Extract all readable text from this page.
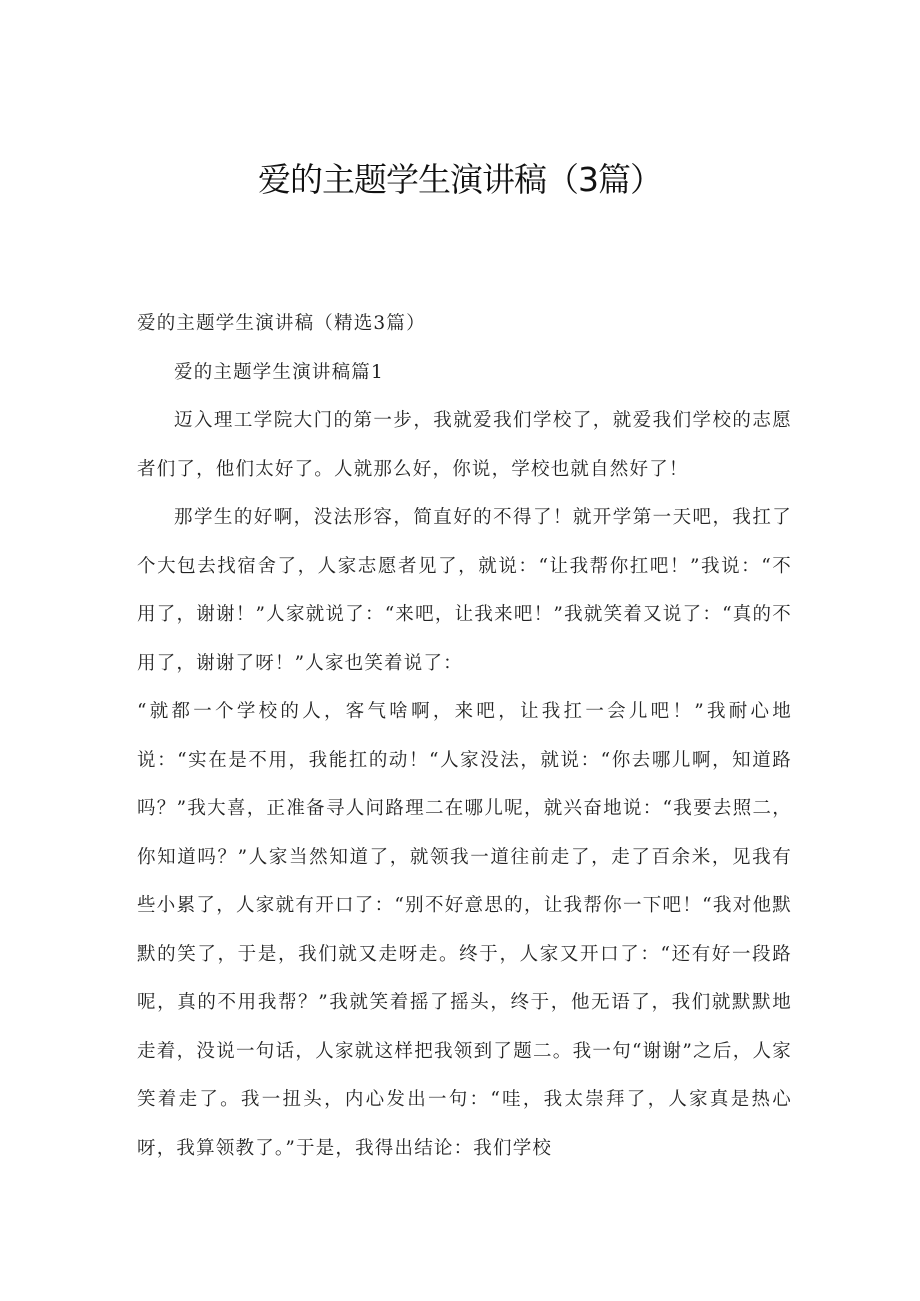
爱的主题学生演讲稿（3篇）

爱的主题学生演讲稿（精选3篇）

爱的主题学生演讲稿篇1

迈入理工学院大门的第一步，我就爱我们学校了，就爱我们学校的志愿者们了，他们太好了。人就那么好，你说，学校也就自然好了！

那学生的好啊，没法形容，简直好的不得了！就开学第一天吧，我扛了个大包去找宿舍了，人家志愿者见了，就说：“让我帮你扛吧！”我说：“不用了，谢谢！”人家就说了：“来吧，让我来吧！”我就笑着又说了：“真的不用了，谢谢了呀！”人家也笑着说了：

“就都一个学校的人，客气啥啊，来吧，让我扛一会儿吧！”我耐心地说：“实在是不用，我能扛的动！“人家没法，就说：“你去哪儿啊，知道路吗？”我大喜，正准备寻人问路理二在哪儿呢，就兴奋地说：“我要去照二，你知道吗？”人家当然知道了，就领我一道往前走了，走了百余米，见我有些小累了，人家就有开口了：“别不好意思的，让我帮你一下吧！“我对他默默的笑了，于是，我们就又走呀走。终于，人家又开口了：“还有好一段路呢，真的不用我帮？”我就笑着摇了摇头，终于，他无语了，我们就默默地走着，没说一句话，人家就这样把我领到了题二。我一句“谢谢”之后，人家笑着走了。我一扭头，内心发出一句：“哇，我太崇拜了，人家真是热心呀，我算领教了。”于是，我得出结论：我们学校
